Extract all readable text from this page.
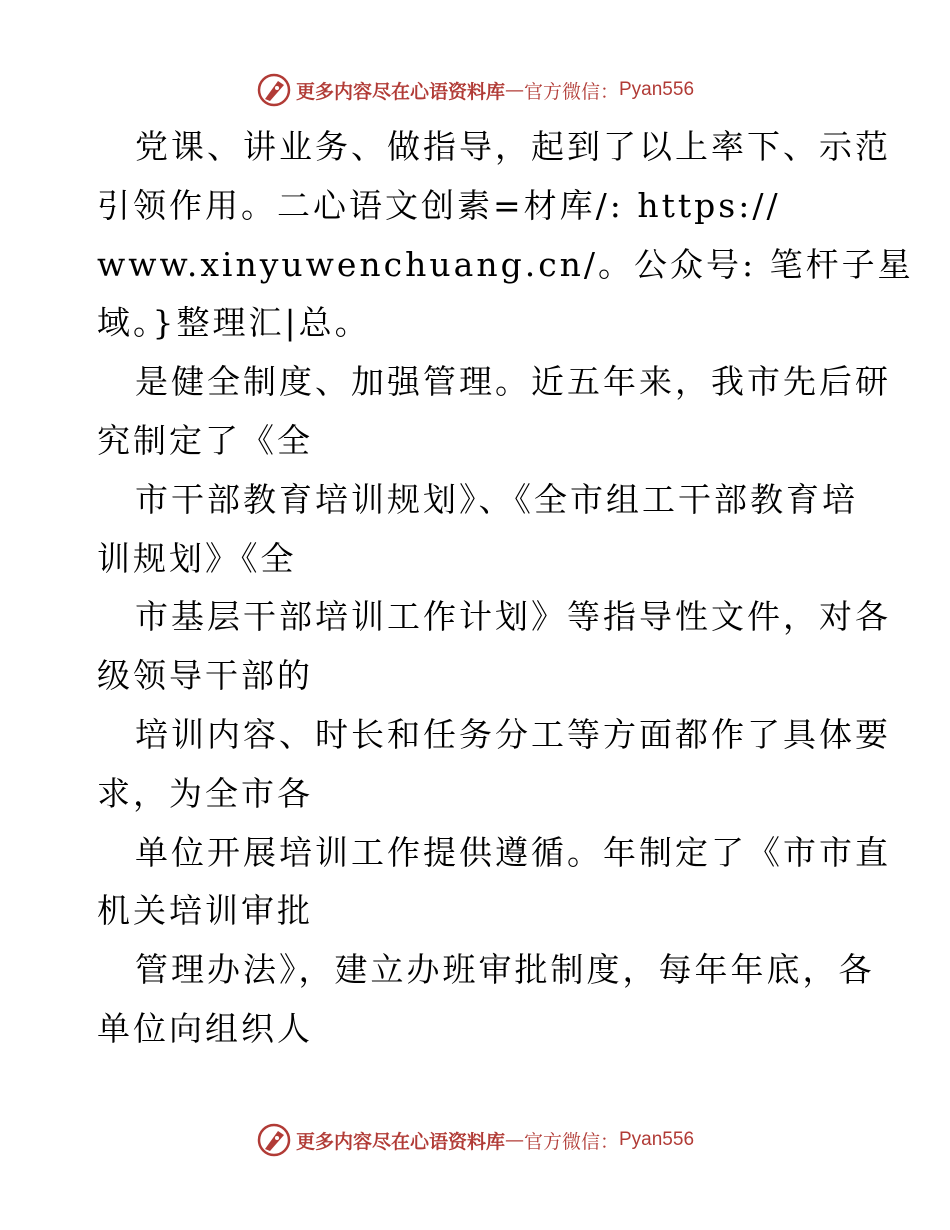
更多内容尽在心语资料库 — 官方微信： Pyan556
党课、讲业务、做指导，起到了以上率下、示范
引领作用。二心语文创素=材库/: https://
www.xinyuwenchuang.cn/。公众号: 笔杆子星
域。}整理汇|总。
是健全制度、加强管理。近五年来，我市先后研
究制定了《全
市干部教育培训规划》、《全市组工干部教育培
训规划》《全
市基层干部培训工作计划》等指导性文件，对各
级领导干部的
培训内容、时长和任务分工等方面都作了具体要
求，为全市各
单位开展培训工作提供遵循。年制定了《市市直
机关培训审批
管理办法》，建立办班审批制度，每年年底，各
单位向组织人
更多内容尽在心语资料库 — 官方微信： Pyan556
